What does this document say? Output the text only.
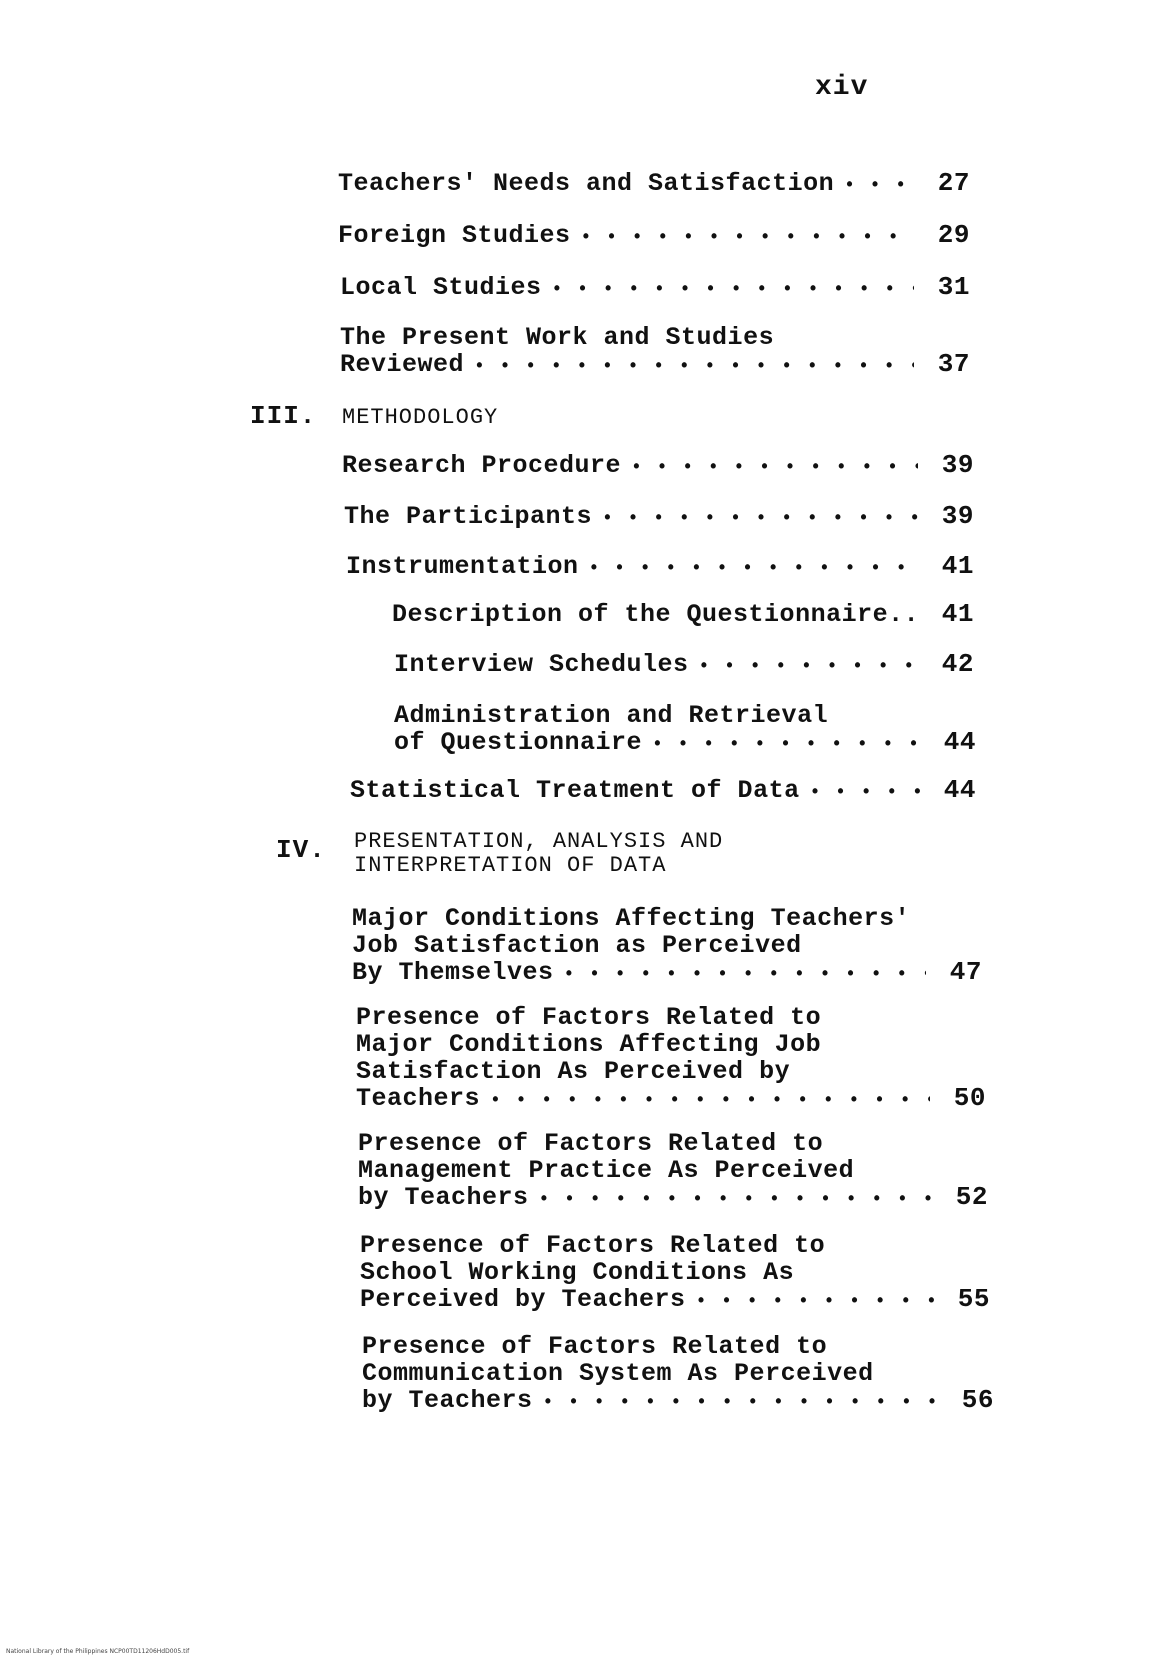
xiv
Teachers' Needs and Satisfaction • • •	27
Foreign Studies • • •	29
Local Studies • • •	31
The Present Work and Studies
Reviewed • • •	37
III. METHODOLOGY
Research Procedure • • •	39
The Participants • • •	39
Instrumentation • • •	41
Description of the Questionnaire.. 41
Interview Schedules • • •	42
Administration and Retrieval
of Questionnaire • • •	44
Statistical Treatment of Data • • •	44
IV. PRESENTATION, ANALYSIS AND
INTERPRETATION OF DATA
Major Conditions Affecting Teachers'
Job Satisfaction as Perceived
By Themselves • • •	47
Presence of Factors Related to
Major Conditions Affecting Job
Satisfaction As Perceived by
Teachers • • •	50
Presence of Factors Related to
Management Practice As Perceived
by Teachers • • •	52
Presence of Factors Related to
School Working Conditions As
Perceived by Teachers • • •	55
Presence of Factors Related to
Communication System As Perceived
by Teachers • • •	56
National Library of the Philippines NCP00TD11206HdD005.tif
